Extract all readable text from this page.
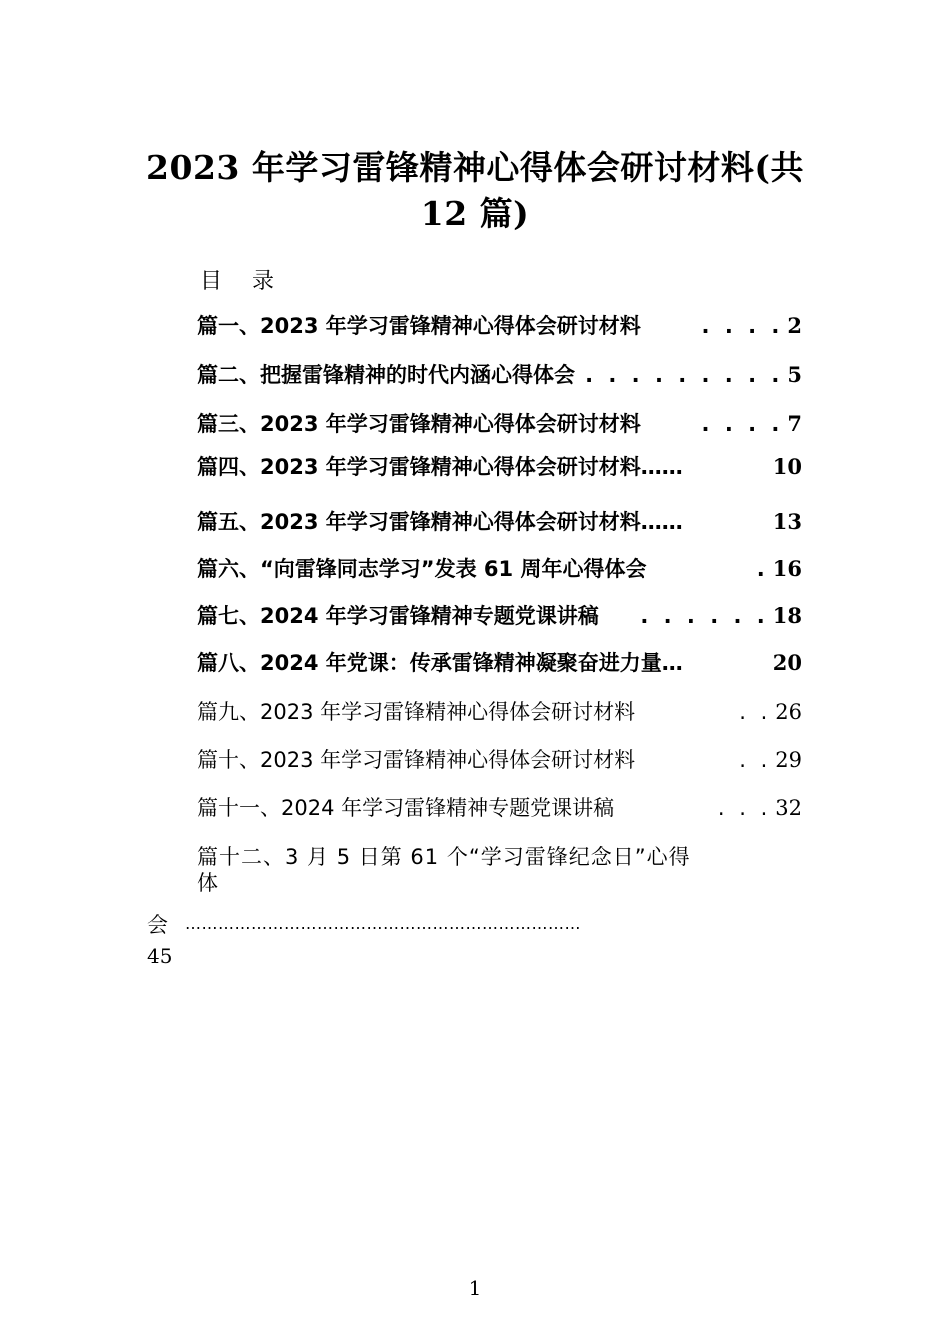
2023 年学习雷锋精神心得体会研讨材料(共
12 篇)
目录
篇一、2023 年学习雷锋精神心得体会研讨材料	. . . . 2
篇二、把握雷锋精神的时代内涵心得体会 . . . . . . . . . 5
篇三、2023 年学习雷锋精神心得体会研讨材料	. . . . 7
篇四、2023 年学习雷锋精神心得体会研讨材料 ……	10
篇五、2023 年学习雷锋精神心得体会研讨材料 ……	13
篇六、“向雷锋同志学习”发表 61 周年心得体会	. 16
篇七、2024 年学习雷锋精神专题党课讲稿	. . . . . . 18
篇八、2024 年党课：传承雷锋精神凝聚奋进力量 …	20
篇九、2023 年学习雷锋精神心得体会研讨材料	. . 26
篇十、2023 年学习雷锋精神心得体会研讨材料	. . 29
篇十一、2024 年学习雷锋精神专题党课讲稿	. . . 32
篇十二、3 月 5 日第 61 个“学习雷锋纪念日”心得
体
会 ………………………………………………………………
45
1
